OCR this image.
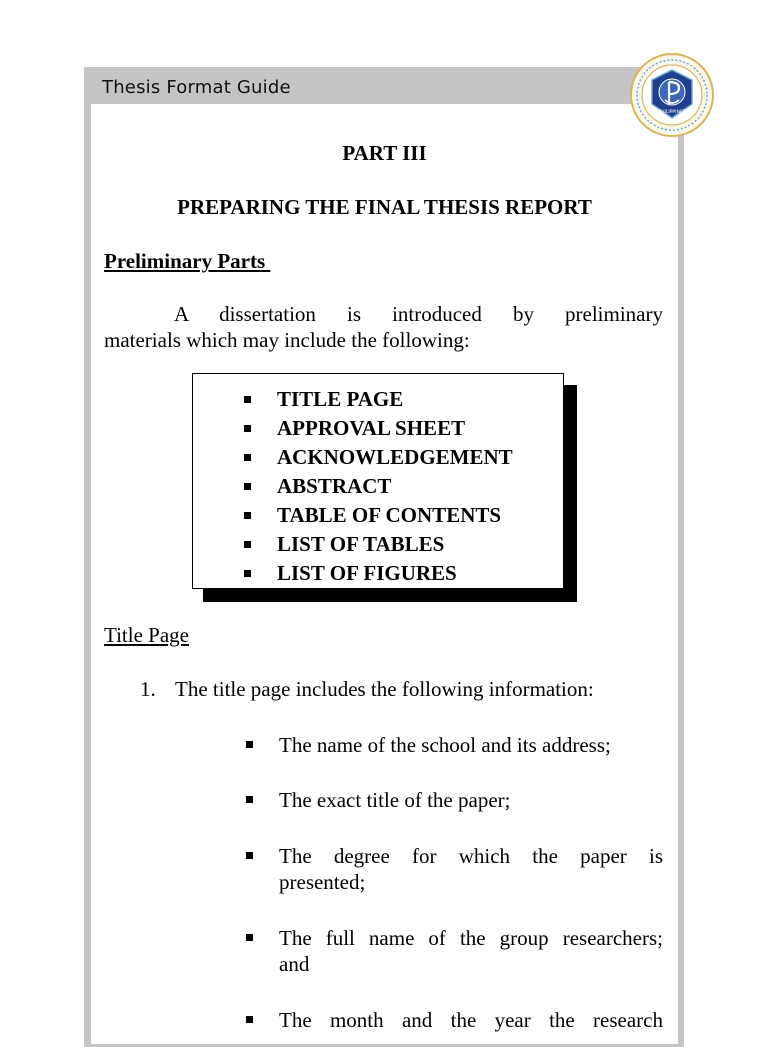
Thesis Format Guide
PHILIPPINES
PART III
PREPARING THE FINAL THESIS REPORT
Preliminary Parts
A dissertation is introduced by preliminary
materials which may include the following:
TITLE PAGE
APPROVAL SHEET
ACKNOWLEDGEMENT
ABSTRACT
TABLE OF CONTENTS
LIST OF TABLES
LIST OF FIGURES
Title Page
1. The title page includes the following information:
The name of the school and its address;
The exact title of the paper;
The degree for which the paper is
presented;
The full name of the group researchers;
and
The month and the year the research
